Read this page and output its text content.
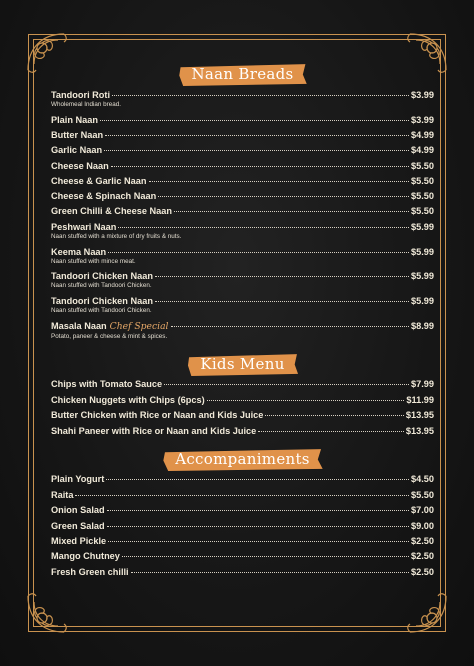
Naan Breads
Tandoori Roti	$3.99
Wholemeal Indian bread.
Plain Naan	$3.99
Butter Naan	$4.99
Garlic Naan	$4.99
Cheese Naan	$5.50
Cheese & Garlic Naan	$5.50
Cheese & Spinach Naan	$5.50
Green Chilli & Cheese Naan	$5.50
Peshwari Naan	$5.99
Naan stuffed with a mixture of dry fruits & nuts.
Keema Naan	$5.99
Naan stuffed with mince meat.
Tandoori Chicken Naan	$5.99
Naan stuffed with Tandoori Chicken.
Tandoori Chicken Naan	$5.99
Naan stuffed with Tandoori Chicken.
Masala Naan Chef Special	$8.99
Potato, paneer & cheese & mint & spices.
Kids Menu
Chips with Tomato Sauce	$7.99
Chicken Nuggets with Chips (6pcs)	$11.99
Butter Chicken with Rice or Naan and Kids Juice	$13.95
Shahi Paneer with Rice or Naan and Kids Juice	$13.95
Accompaniments
Plain Yogurt	$4.50
Raita	$5.50
Onion Salad	$7.00
Green Salad	$9.00
Mixed Pickle	$2.50
Mango Chutney	$2.50
Fresh Green chilli	$2.50
